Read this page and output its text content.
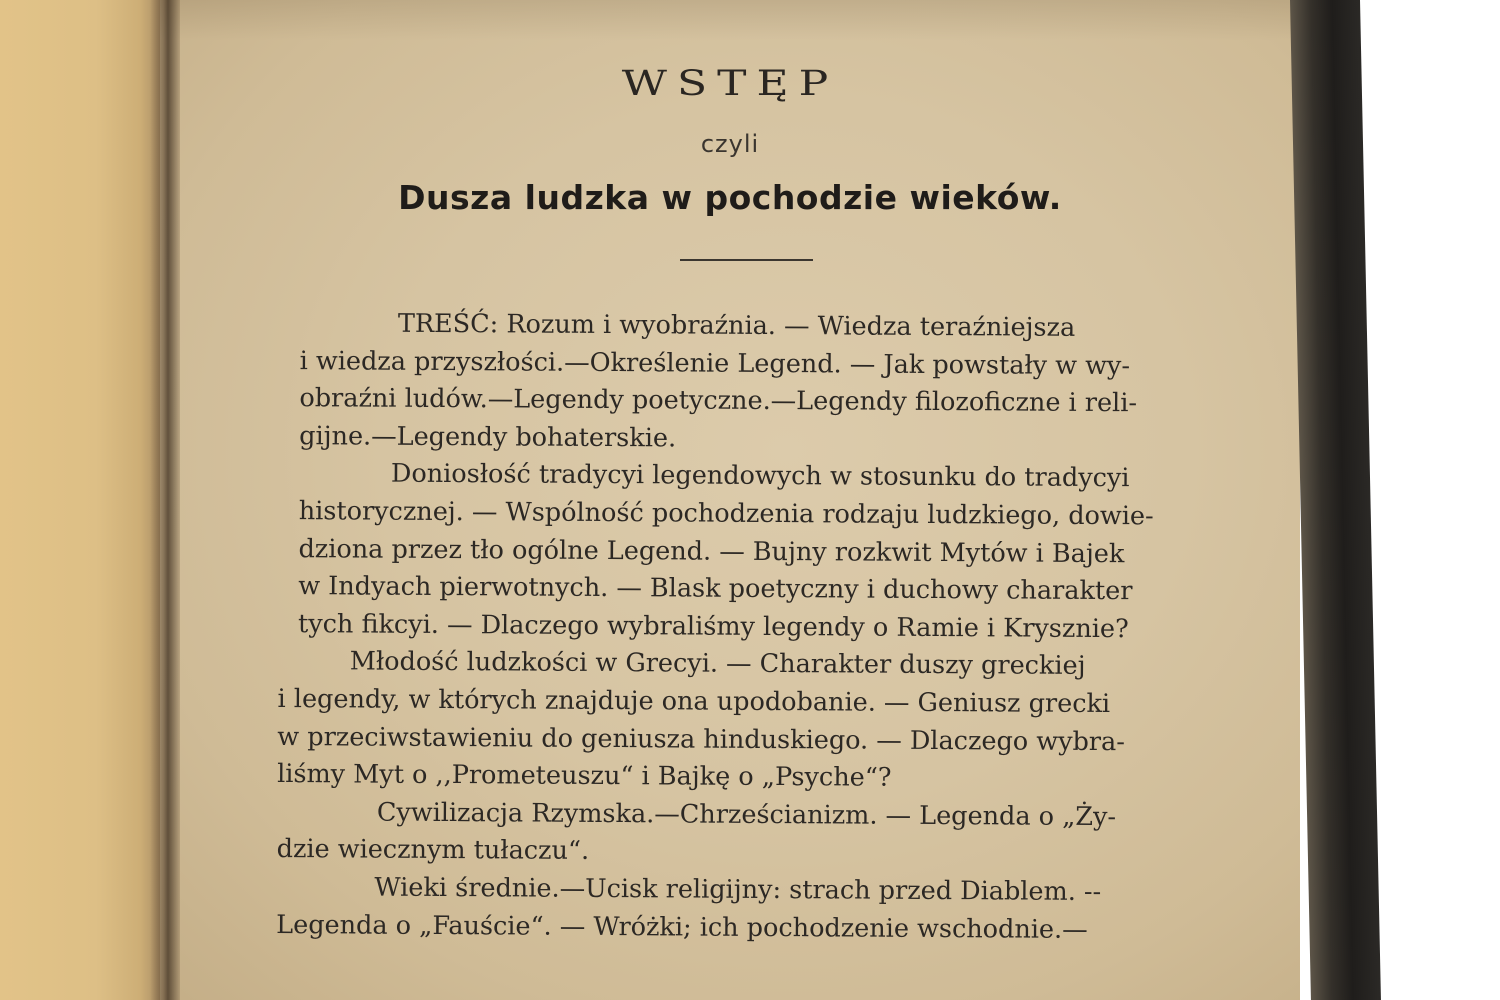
WSTĘP
czyli
Dusza ludzka w pochodzie wieków.

TREŚĆ: Rozum i wyobraźnia. — Wiedza teraźniejsza
i wiedza przyszłości.—Określenie Legend. — Jak powstały w wy-
obraźni ludów.—Legendy poetyczne.—Legendy filozoficzne i reli-
gijne.—Legendy bohaterskie.

Doniosłość tradycyi legendowych w stosunku do tradycyi
historycznej. — Wspólność pochodzenia rodzaju ludzkiego, dowie-
dziona przez tło ogólne Legend. — Bujny rozkwit Mytów i Bajek
w Indyach pierwotnych. — Blask poetyczny i duchowy charakter
tych fikcyi. — Dlaczego wybraliśmy legendy o Ramie i Krysznie?

Młodość ludzkości w Grecyi. — Charakter duszy greckiej
i legendy, w których znajduje ona upodobanie. — Geniusz grecki
w przeciwstawieniu do geniusza hinduskiego. — Dlaczego wybra-
liśmy Myt o ,,Prometeuszu“ i Bajkę o „Psyche“?

Cywilizacja Rzymska.—Chrześcianizm. — Legenda o „Ży-
dzie wiecznym tułaczu“.

Wieki średnie.—Ucisk religijny: strach przed Diablem. --
Legenda o „Fauście“. — Wróżki; ich pochodzenie wschodnie.—
